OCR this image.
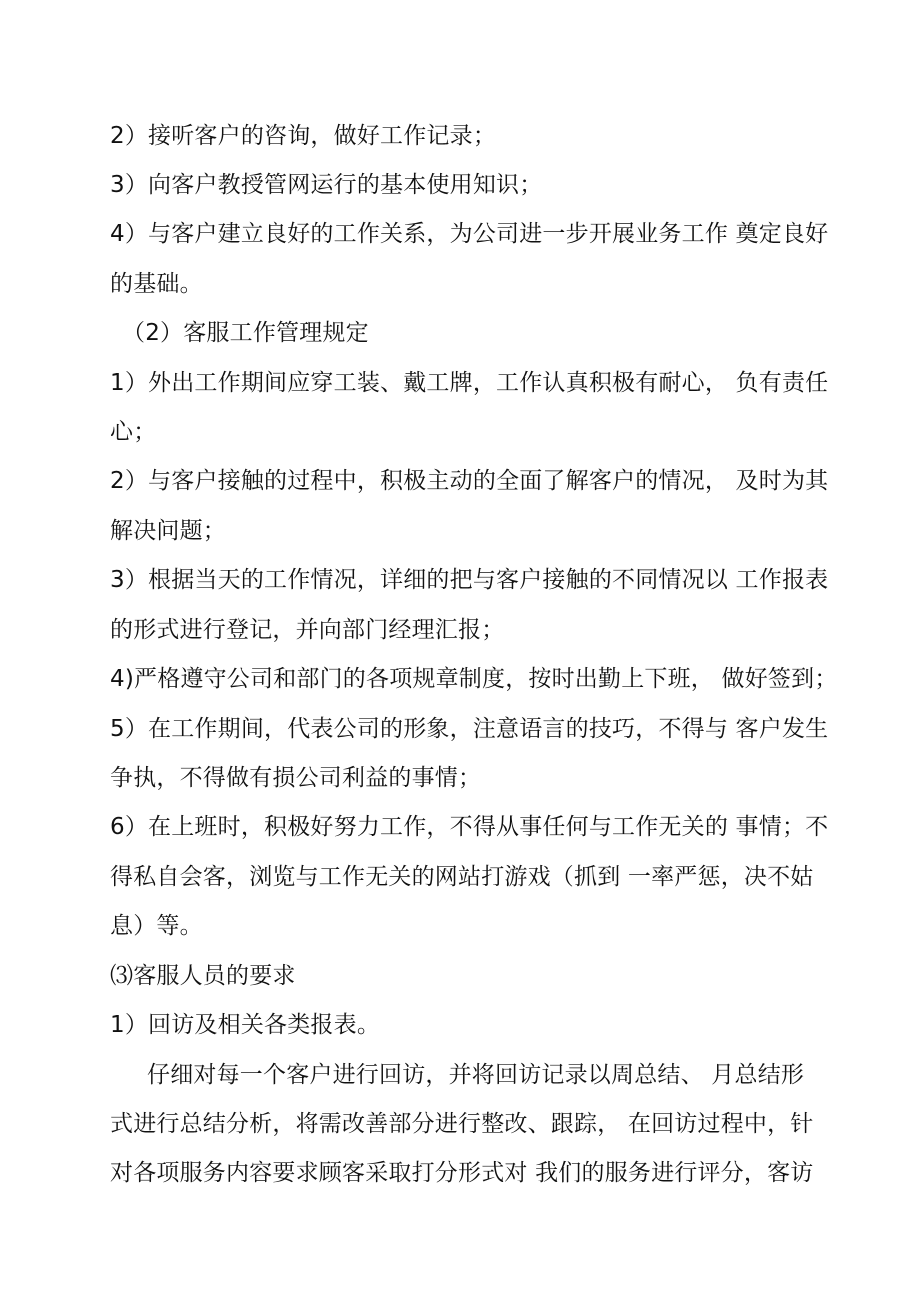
2）接听客户的咨询，做好工作记录；
3）向客户教授管网运行的基本使用知识；
4）与客户建立良好的工作关系，为公司进一步开展业务工作 奠定良好
的基础。
（2）客服工作管理规定
1）外出工作期间应穿工装、戴工牌，工作认真积极有耐心， 负有责任
心；
2）与客户接触的过程中，积极主动的全面了解客户的情况， 及时为其
解决问题；
3）根据当天的工作情况，详细的把与客户接触的不同情况以 工作报表
的形式进行登记，并向部门经理汇报；
4)严格遵守公司和部门的各项规章制度，按时出勤上下班， 做好签到；
5）在工作期间，代表公司的形象，注意语言的技巧，不得与 客户发生
争执，不得做有损公司利益的事情；
6）在上班时，积极好努力工作，不得从事任何与工作无关的 事情；不
得私自会客，浏览与工作无关的网站打游戏（抓到 一率严惩，决不姑
息）等。
⑶客服人员的要求
1）回访及相关各类报表。
仔细对每一个客户进行回访，并将回访记录以周总结、 月总结形
式进行总结分析，将需改善部分进行整改、跟踪， 在回访过程中，针
对各项服务内容要求顾客采取打分形式对 我们的服务进行评分，客访
